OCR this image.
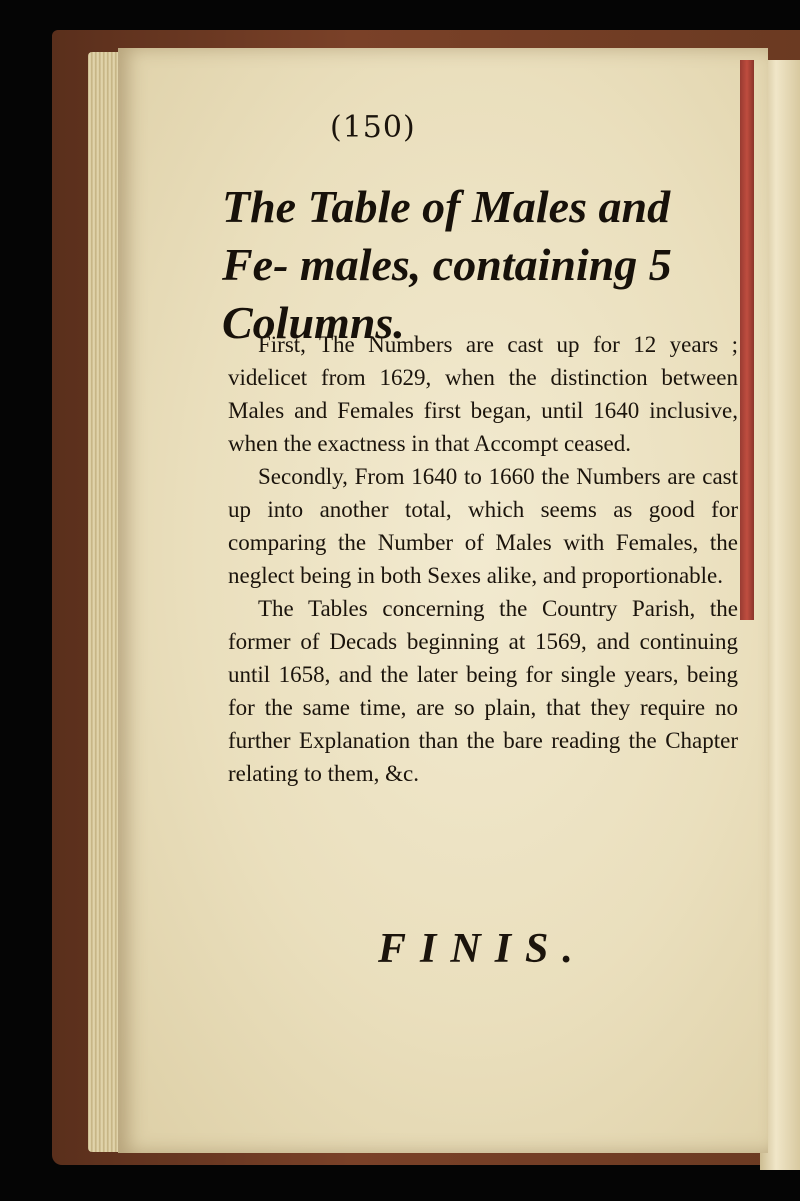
(150)
The Table of Males and Fe- males, containing 5 Columns.

First, The Numbers are cast up for 12 years ; videlicet from 1629, when the distinction between Males and Females first began, until 1640 inclusive, when the exactness in that Accompt ceased.

Secondly, From 1640 to 1660 the Numbers are cast up into another total, which seems as good for comparing the Number of Males with Females, the neglect being in both Sexes alike, and proportionable.

The Tables concerning the Country Parish, the former of Decads beginning at 1569, and continuing until 1658, and the later being for single years, being for the same time, are so plain, that they require no further Explanation than the bare reading the Chapter relating to them, &c.

FINIS.
